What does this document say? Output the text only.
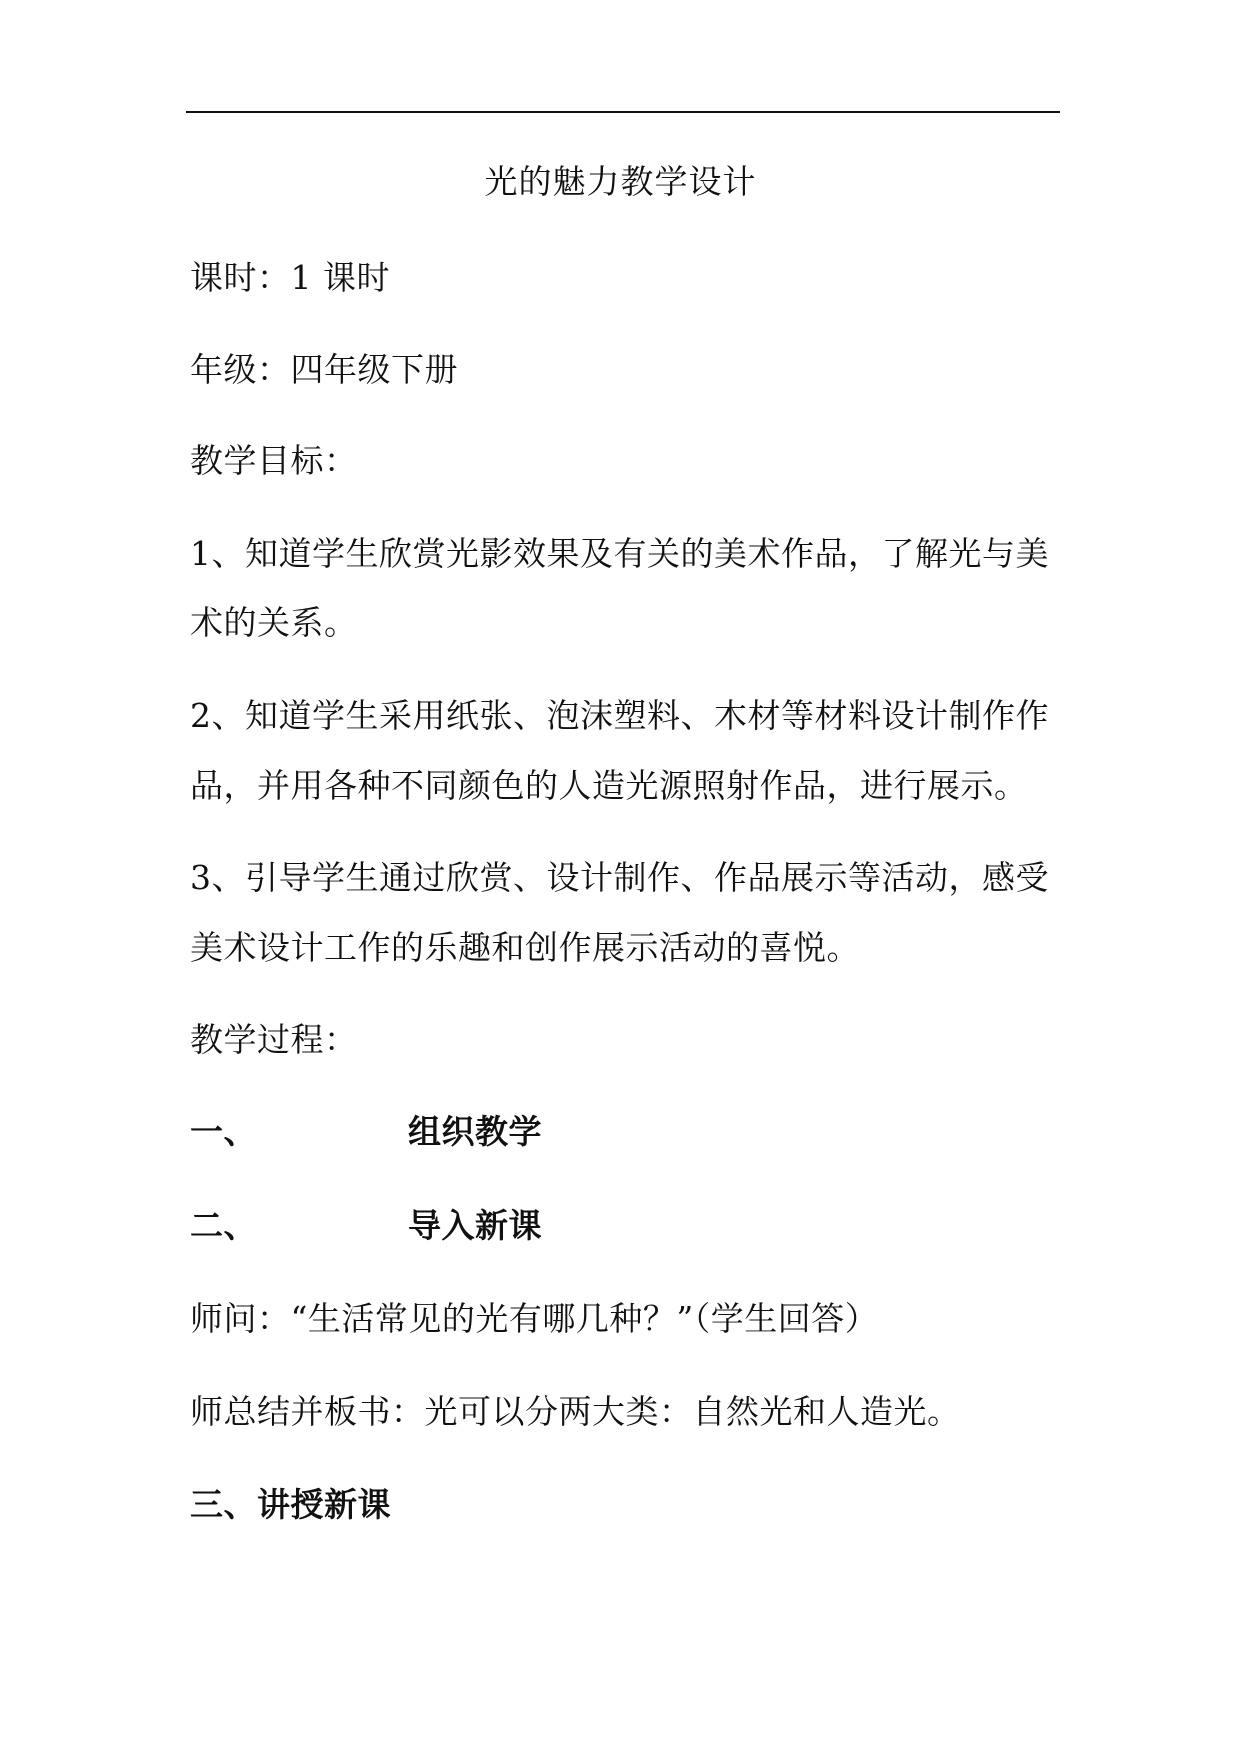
光的魅力教学设计
课时：1 课时
年级：四年级下册
教学目标：
1、知道学生欣赏光影效果及有关的美术作品，了解光与美
术的关系。
2、知道学生采用纸张、泡沫塑料、木材等材料设计制作作
品，并用各种不同颜色的人造光源照射作品，进行展示。
3、引导学生通过欣赏、设计制作、作品展示等活动，感受
美术设计工作的乐趣和创作展示活动的喜悦。
教学过程：
一、	组织教学
二、	导入新课
师问：“生活常见的光有哪几种？”（学生回答）
师总结并板书：光可以分两大类：自然光和人造光。
三、讲授新课
